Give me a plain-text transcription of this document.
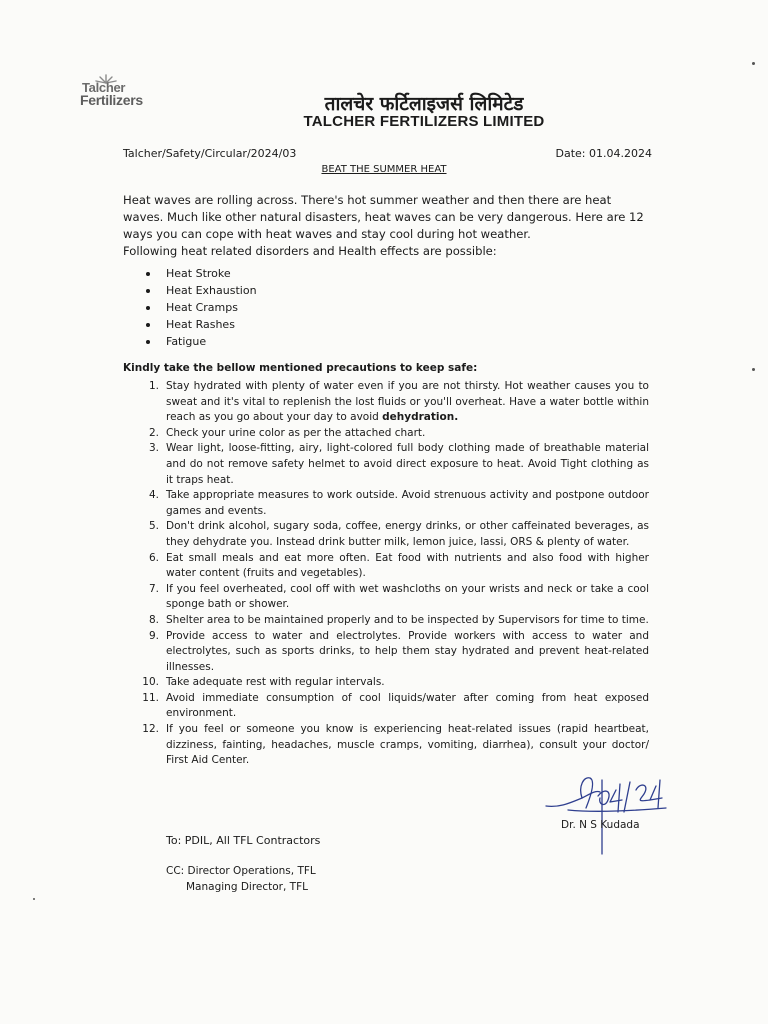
Talcher
Fertilizers	तालचेर फर्टिलाइजर्स लिमिटेड
TALCHER FERTILIZERS LIMITED
Talcher/Safety/Circular/2024/03	Date: 01.04.2024
BEAT THE SUMMER HEAT

Heat waves are rolling across. There's hot summer weather and then there are heat waves. Much like other natural disasters, heat waves can be very dangerous. Here are 12 ways you can cope with heat waves and stay cool during hot weather.

Following heat related disorders and Health effects are possible:

Heat Stroke
Heat Exhaustion
Heat Cramps
Heat Rashes
Fatigue
Kindly take the bellow mentioned precautions to keep safe:
1. Stay hydrated with plenty of water even if you are not thirsty. Hot weather causes you to sweat and it's vital to replenish the lost fluids or you'll overheat. Have a water bottle within reach as you go about your day to avoid dehydration.
2. Check your urine color as per the attached chart.
3. Wear light, loose-fitting, airy, light-colored full body clothing made of breathable material and do not remove safety helmet to avoid direct exposure to heat. Avoid Tight clothing as it traps heat.
4. Take appropriate measures to work outside. Avoid strenuous activity and postpone outdoor games and events.
5. Don't drink alcohol, sugary soda, coffee, energy drinks, or other caffeinated beverages, as they dehydrate you. Instead drink butter milk, lemon juice, lassi, ORS & plenty of water.
6. Eat small meals and eat more often. Eat food with nutrients and also food with higher water content (fruits and vegetables).
7. If you feel overheated, cool off with wet washcloths on your wrists and neck or take a cool sponge bath or shower.
8. Shelter area to be maintained properly and to be inspected by Supervisors for time to time.
9. Provide access to water and electrolytes. Provide workers with access to water and electrolytes, such as sports drinks, to help them stay hydrated and prevent heat-related illnesses.
10. Take adequate rest with regular intervals.
11. Avoid immediate consumption of cool liquids/water after coming from heat exposed environment.
12. If you feel or someone you know is experiencing heat-related issues (rapid heartbeat, dizziness, fainting, headaches, muscle cramps, vomiting, diarrhea), consult your doctor/ First Aid Center.
Dr. N S Kudada
To: PDIL, All TFL Contractors
CC: Director Operations, TFL
Managing Director, TFL
